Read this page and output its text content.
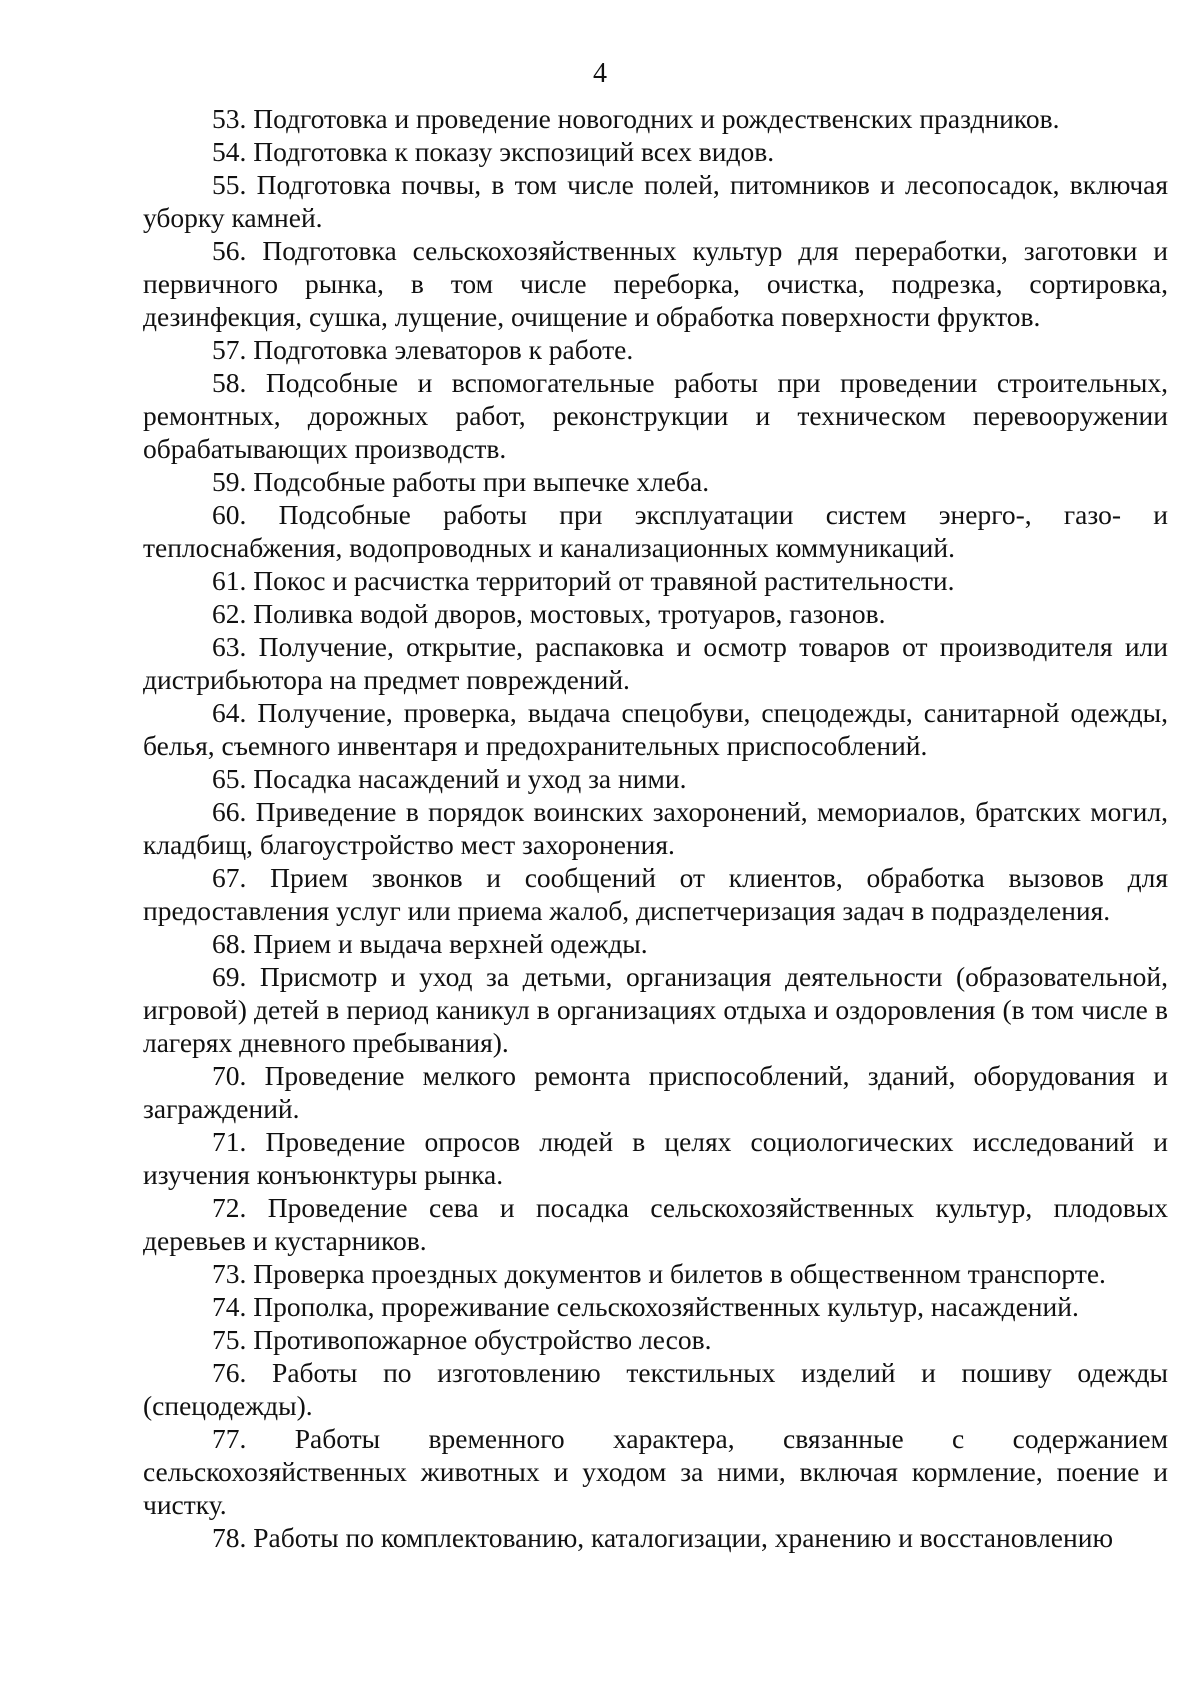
4

53. Подготовка и проведение новогодних и рождественских праздников.

54. Подготовка к показу экспозиций всех видов.

55. Подготовка почвы, в том числе полей, питомников и лесопосадок, включая уборку камней.

56. Подготовка сельскохозяйственных культур для переработки, заготовки и первичного рынка, в том числе переборка, очистка, подрезка, сортировка, дезинфекция, сушка, лущение, очищение и обработка поверхности фруктов.

57. Подготовка элеваторов к работе.

58. Подсобные и вспомогательные работы при проведении строительных, ремонтных, дорожных работ, реконструкции и техническом перевооружении обрабатывающих производств.

59. Подсобные работы при выпечке хлеба.

60. Подсобные работы при эксплуатации систем энерго-, газо- и теплоснабжения, водопроводных и канализационных коммуникаций.

61. Покос и расчистка территорий от травяной растительности.

62. Поливка водой дворов, мостовых, тротуаров, газонов.

63. Получение, открытие, распаковка и осмотр товаров от производителя или дистрибьютора на предмет повреждений.

64. Получение, проверка, выдача спецобуви, спецодежды, санитарной одежды, белья, съемного инвентаря и предохранительных приспособлений.

65. Посадка насаждений и уход за ними.

66. Приведение в порядок воинских захоронений, мемориалов, братских могил, кладбищ, благоустройство мест захоронения.

67. Прием звонков и сообщений от клиентов, обработка вызовов для предоставления услуг или приема жалоб, диспетчеризация задач в подразделения.

68. Прием и выдача верхней одежды.

69. Присмотр и уход за детьми, организация деятельности (образовательной, игровой) детей в период каникул в организациях отдыха и оздоровления (в том числе в лагерях дневного пребывания).

70. Проведение мелкого ремонта приспособлений, зданий, оборудования и заграждений.

71. Проведение опросов людей в целях социологических исследований и изучения конъюнктуры рынка.

72. Проведение сева и посадка сельскохозяйственных культур, плодовых деревьев и кустарников.

73. Проверка проездных документов и билетов в общественном транспорте.

74. Прополка, прореживание сельскохозяйственных культур, насаждений.

75. Противопожарное обустройство лесов.

76. Работы по изготовлению текстильных изделий и пошиву одежды (спецодежды).

77. Работы временного характера, связанные с содержанием сельскохозяйственных животных и уходом за ними, включая кормление, поение и чистку.

78. Работы по комплектованию, каталогизации, хранению и восстановлению
